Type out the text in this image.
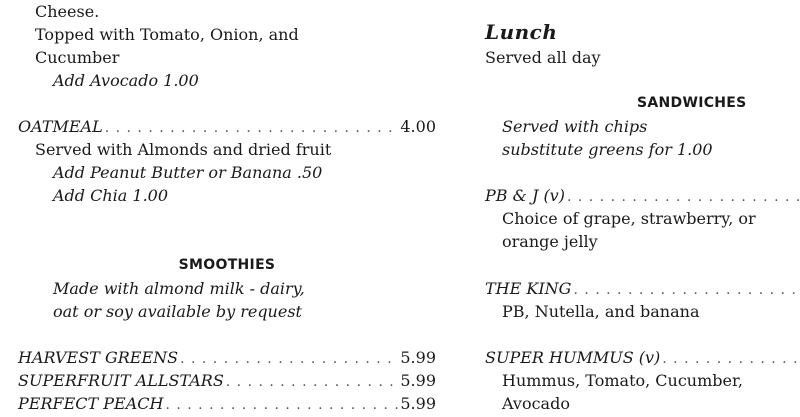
Cheese.
Topped with Tomato, Onion, and
Cucumber
Add Avocado 1.00
OATMEAL . . .	4.00
Served with Almonds and dried fruit
Add Peanut Butter or Banana .50
Add Chia 1.00
SMOOTHIES
Made with almond milk - dairy,
oat or soy available by request
HARVEST GREENS . . .	5.99
SUPERFRUIT ALLSTARS . . .	5.99
PERFECT PEACH . . .	5.99
Lunch
Served all day
SANDWICHES
Served with chips
substitute greens for 1.00
PB & J (v)
. . .
Choice of grape, strawberry, or
orange jelly
THE KING
. . .
PB, Nutella, and banana
SUPER HUMMUS (v)
. . .
Hummus, Tomato, Cucumber,
Avocado
